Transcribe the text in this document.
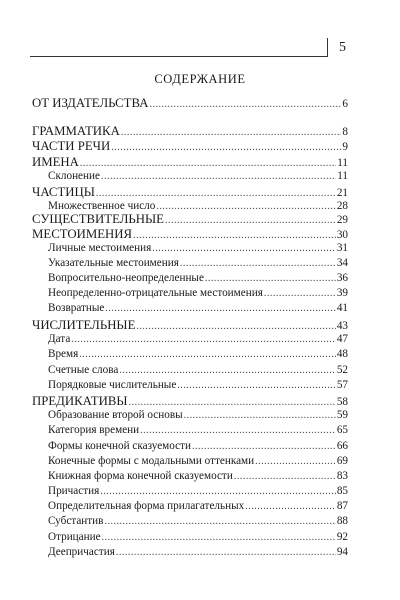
5
СОДЕРЖАНИЕ
ОТ ИЗДАТЕЛЬСТВА .....	6
ГРАММАТИКА .....	8
ЧАСТИ РЕЧИ .....	9
ИМЕНА .....	11
Склонение .....	11
ЧАСТИЦЫ .....	21
Множественное число .....	28
СУЩЕСТВИТЕЛЬНЫЕ .....	29
МЕСТОИМЕНИЯ .....	30
Личные местоимения .....	31
Указательные местоимения .....	34
Вопросительно-неопределенные .....	36
Неопределенно-отрицательные местоимения .....	39
Возвратные .....	41
ЧИСЛИТЕЛЬНЫЕ .....	43
Дата .....	47
Время .....	48
Счетные слова .....	52
Порядковые числительные .....	57
ПРЕДИКАТИВЫ .....	58
Образование второй основы .....	59
Категория времени .....	65
Формы конечной сказуемости .....	66
Конечные формы с модальными оттенками .....	69
Книжная форма конечной сказуемости .....	83
Причастия .....	85
Определительная форма прилагательных .....	87
Субстантив .....	88
Отрицание .....	92
Деепричастия .....	94
